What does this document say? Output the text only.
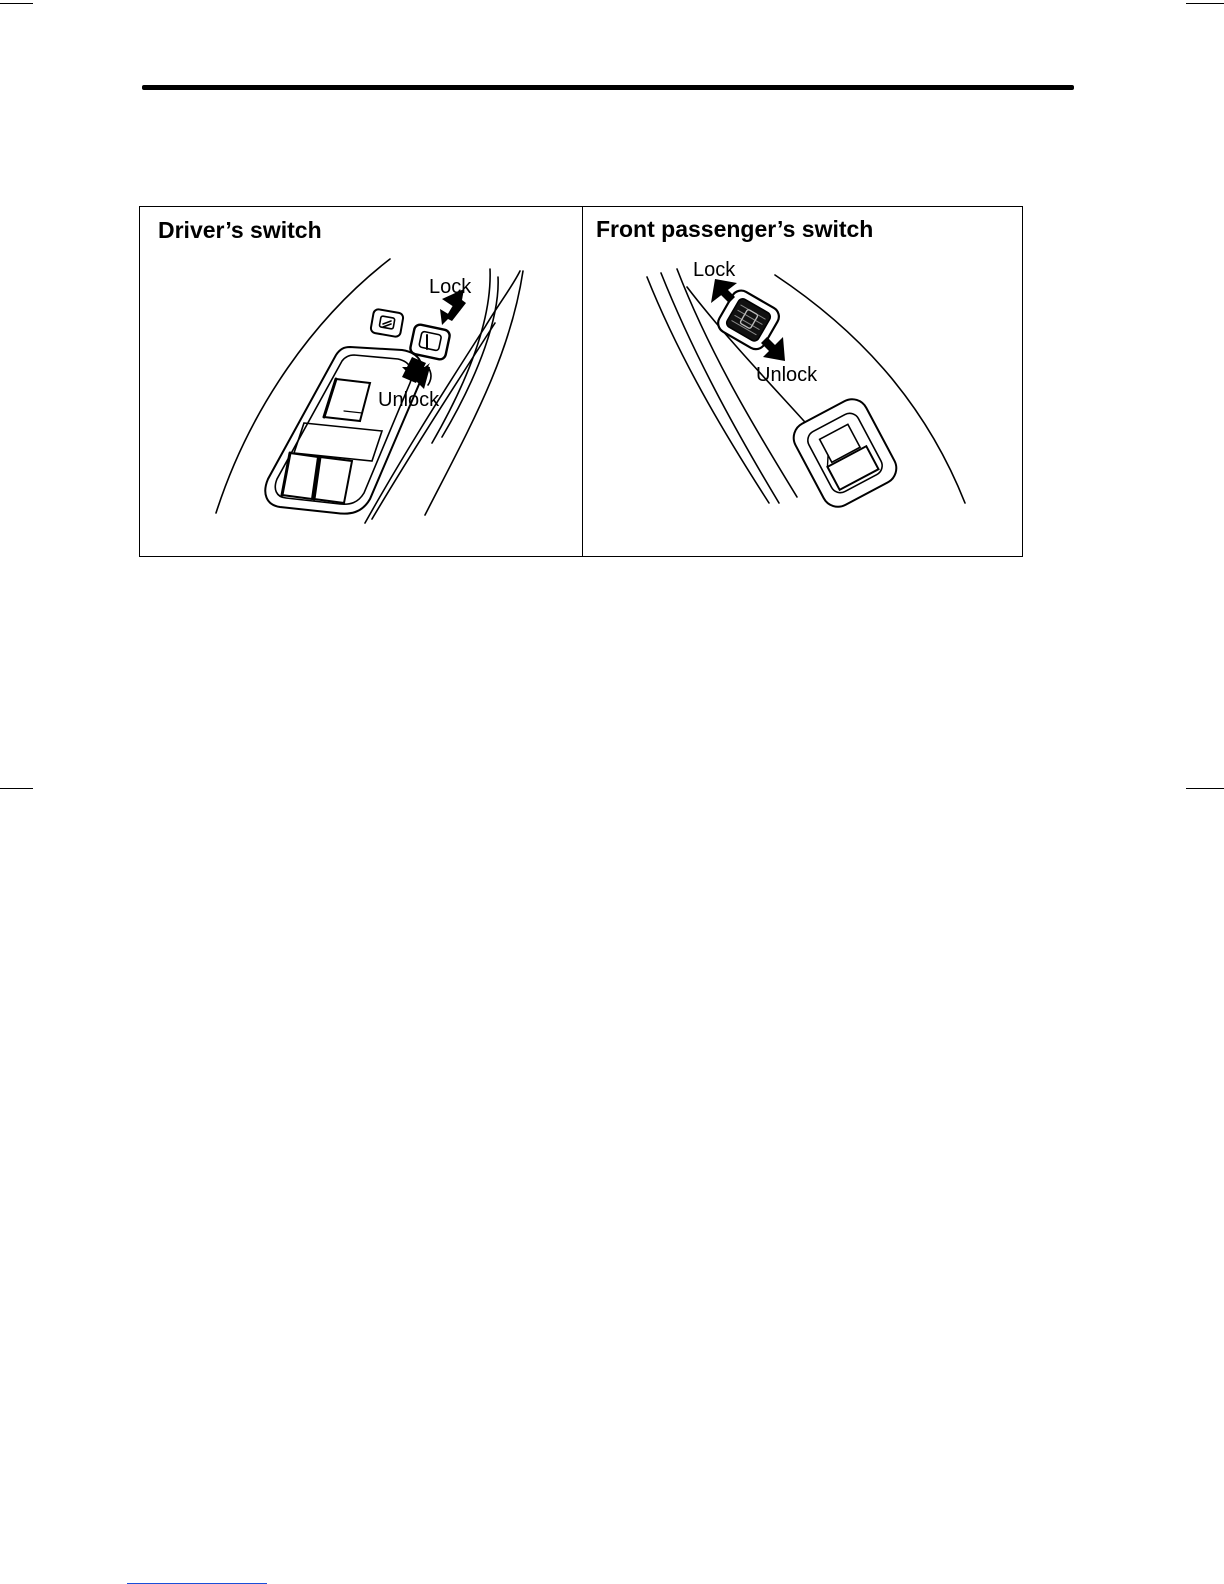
Driver’s switch
Lock
Unlock
Front passenger’s switch
Lock
Unlock
